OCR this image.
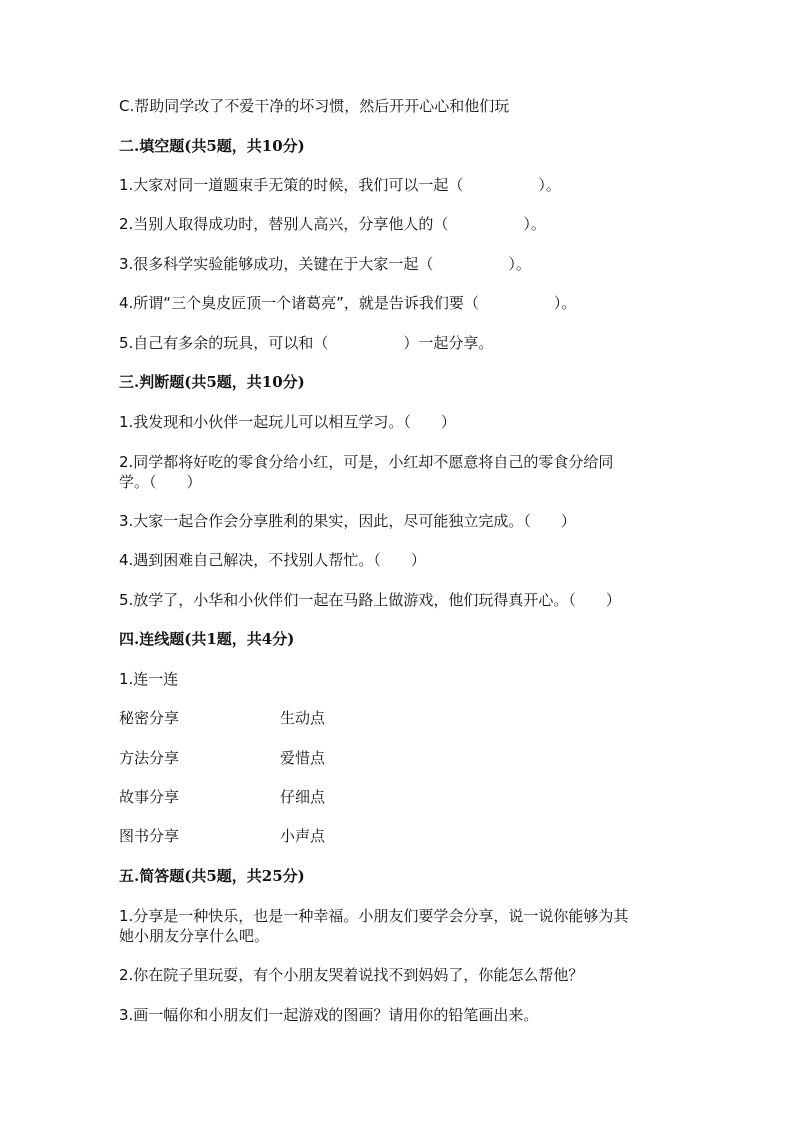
C.帮助同学改了不爱干净的坏习惯，然后开开心心和他们玩
二.填空题(共5题，共10分)
1.大家对同一道题束手无策的时候，我们可以一起（　　　　　）。
2.当别人取得成功时，替别人高兴，分享他人的（　　　　　）。
3.很多科学实验能够成功，关键在于大家一起（　　　　　）。
4.所谓“三个臭皮匠顶一个诸葛亮”，就是告诉我们要（　　　　　）。
5.自己有多余的玩具，可以和（　　　　　）一起分享。
三.判断题(共5题，共10分)
1.我发现和小伙伴一起玩儿可以相互学习。（　　）
2.同学都将好吃的零食分给小红，可是，小红却不愿意将自己的零食分给同
学。（　　）
3.大家一起合作会分享胜利的果实，因此，尽可能独立完成。（　　）
4.遇到困难自己解决，不找别人帮忙。（　　）
5.放学了，小华和小伙伴们一起在马路上做游戏，他们玩得真开心。（　　）
四.连线题(共1题，共4分)
1.连一连
秘密分享	生动点
方法分享	爱惜点
故事分享	仔细点
图书分享	小声点
五.简答题(共5题，共25分)
1.分享是一种快乐，也是一种幸福。小朋友们要学会分享，说一说你能够为其
她小朋友分享什么吧。
2.你在院子里玩耍，有个小朋友哭着说找不到妈妈了，你能怎么帮他？
3.画一幅你和小朋友们一起游戏的图画？请用你的铅笔画出来。
